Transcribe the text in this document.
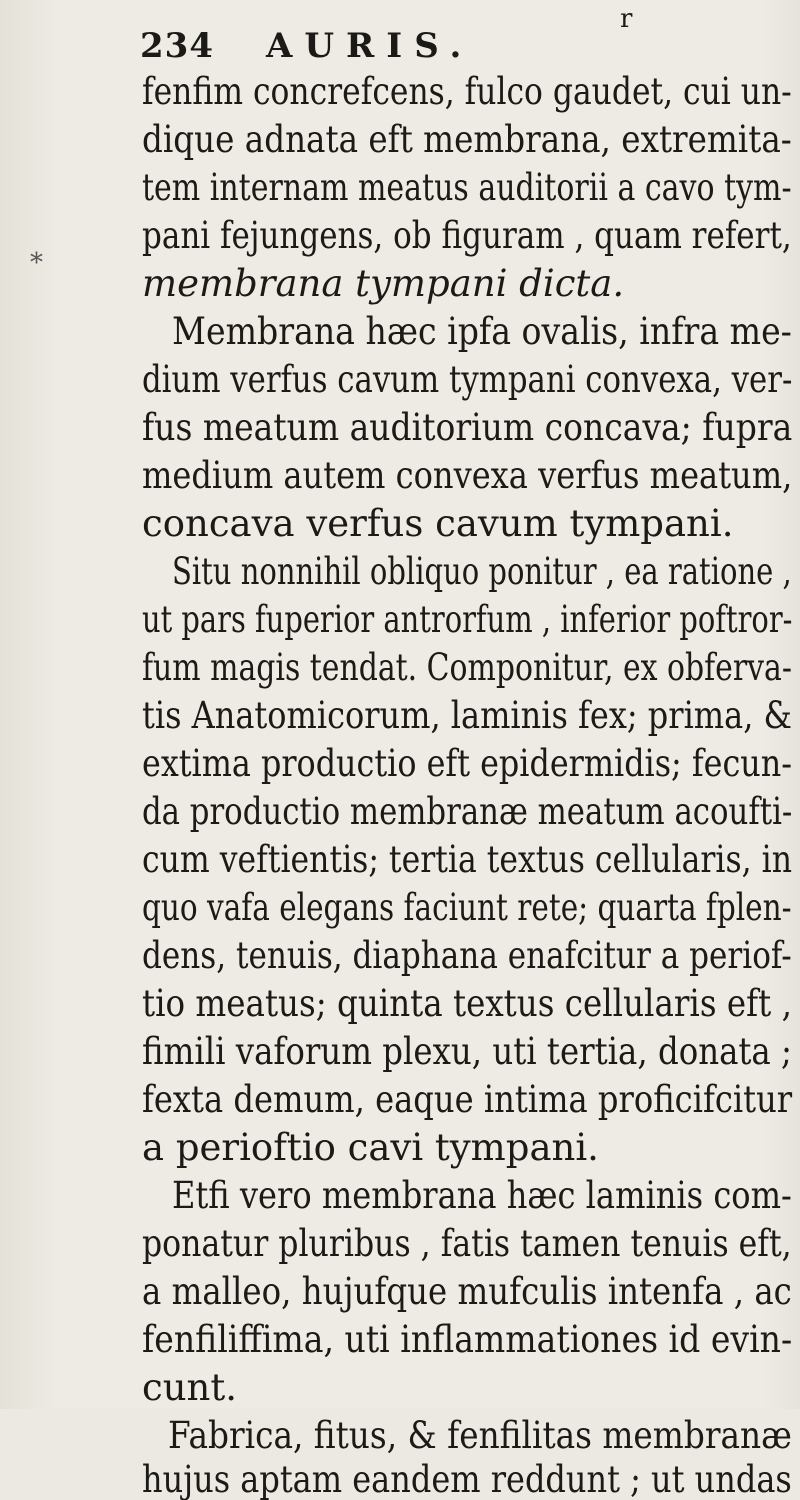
234 AURIS.
r
*
fenfim concrefcens, fulco gaudet, cui un-
dique adnata eft membrana, extremita-
tem internam meatus auditorii a cavo tym-
pani fejungens, ob figuram , quam refert,
membrana tympani dicta.
Membrana hæc ipfa ovalis, infra me-
dium verfus cavum tympani convexa, ver-
fus meatum auditorium concava; fupra
medium autem convexa verfus meatum,
concava verfus cavum tympani.
Situ nonnihil obliquo ponitur , ea ratione ,
ut pars fuperior antrorfum , inferior poftror-
fum magis tendat. Componitur, ex obferva-
tis Anatomicorum, laminis fex; prima, &
extima productio eft epidermidis; fecun-
da productio membranæ meatum acoufti-
cum veftientis; tertia textus cellularis, in
quo vafa elegans faciunt rete; quarta fplen-
dens, tenuis, diaphana enafcitur a periof-
tio meatus; quinta textus cellularis eft ,
fimili vaforum plexu, uti tertia, donata ;
fexta demum, eaque intima proficifcitur
a perioftio cavi tympani.
Etfi vero membrana hæc laminis com-
ponatur pluribus , fatis tamen tenuis eft,
a malleo, hujufque mufculis intenfa , ac
fenfiliffima, uti inflammationes id evin-
cunt.
Fabrica, fitus, & fenfilitas membranæ
hujus aptam eandem reddunt ; ut undas
